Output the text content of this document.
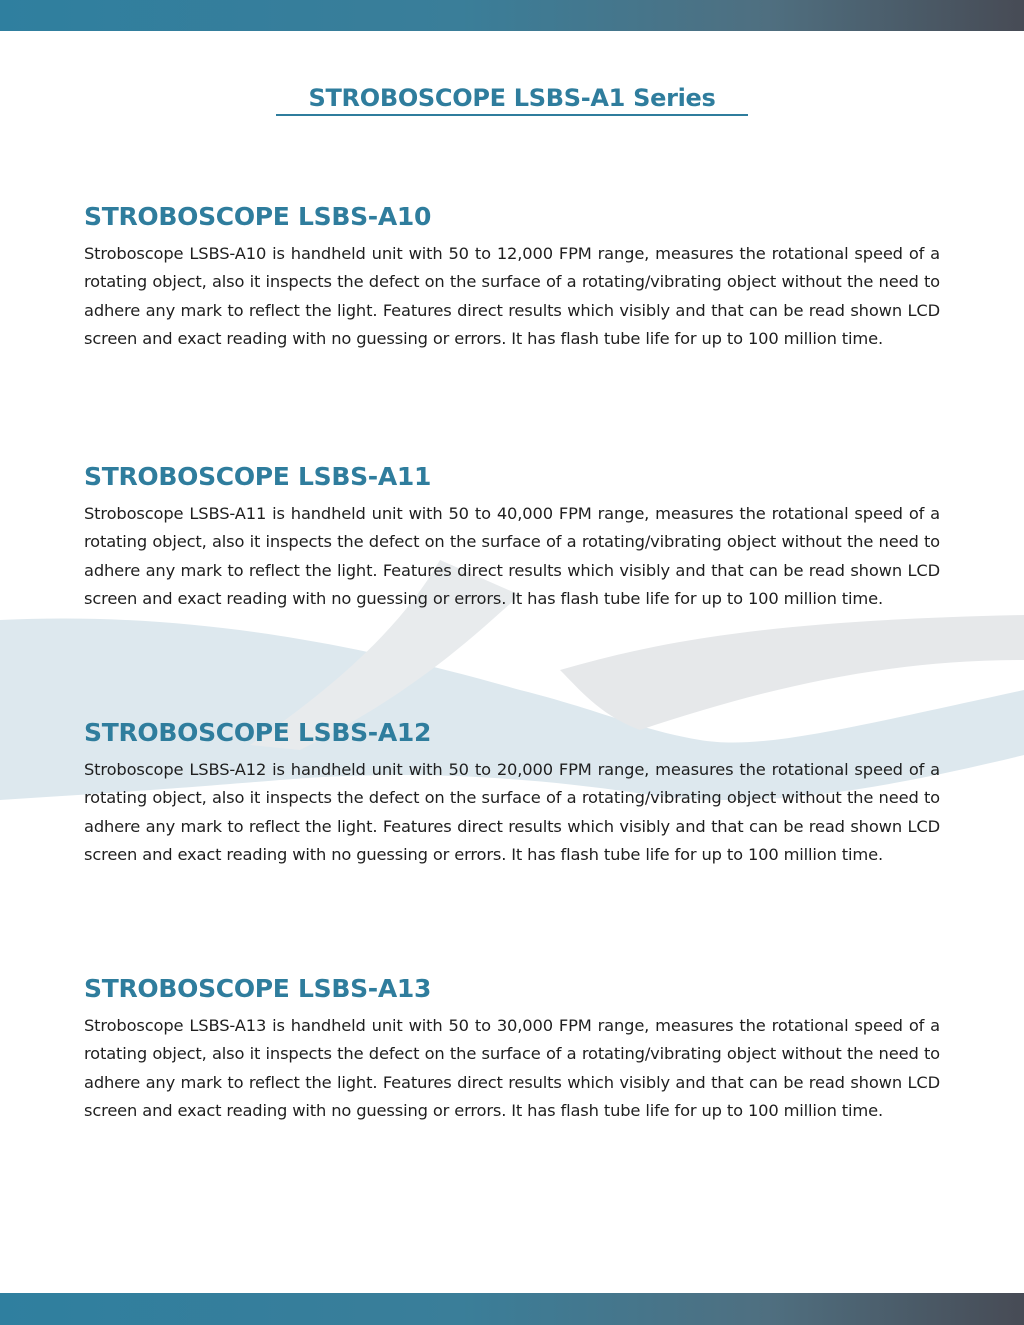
STROBOSCOPE LSBS-A1 Series
STROBOSCOPE LSBS-A10

Stroboscope LSBS-A10 is handheld unit with 50 to 12,000 FPM range, measures the rotational speed of a rotating object, also it inspects the defect on the surface of a rotating/vibrating object without the need to adhere any mark to reflect the light. Features direct results which visibly and that can be read shown LCD screen and exact reading with no guessing or errors. It has flash tube life for up to 100 million time.

STROBOSCOPE LSBS-A11

Stroboscope LSBS-A11 is handheld unit with 50 to 40,000 FPM range, measures the rotational speed of a rotating object, also it inspects the defect on the surface of a rotating/vibrating object without the need to adhere any mark to reflect the light. Features direct results which visibly and that can be read shown LCD screen and exact reading with no guessing or errors. It has flash tube life for up to 100 million time.

STROBOSCOPE LSBS-A12

Stroboscope LSBS-A12 is handheld unit with 50 to 20,000 FPM range, measures the rotational speed of a rotating object, also it inspects the defect on the surface of a rotating/vibrating object without the need to adhere any mark to reflect the light. Features direct results which visibly and that can be read shown LCD screen and exact reading with no guessing or errors. It has flash tube life for up to 100 million time.

STROBOSCOPE LSBS-A13

Stroboscope LSBS-A13 is handheld unit with 50 to 30,000 FPM range, measures the rotational speed of a rotating object, also it inspects the defect on the surface of a rotating/vibrating object without the need to adhere any mark to reflect the light. Features direct results which visibly and that can be read shown LCD screen and exact reading with no guessing or errors. It has flash tube life for up to 100 million time.
